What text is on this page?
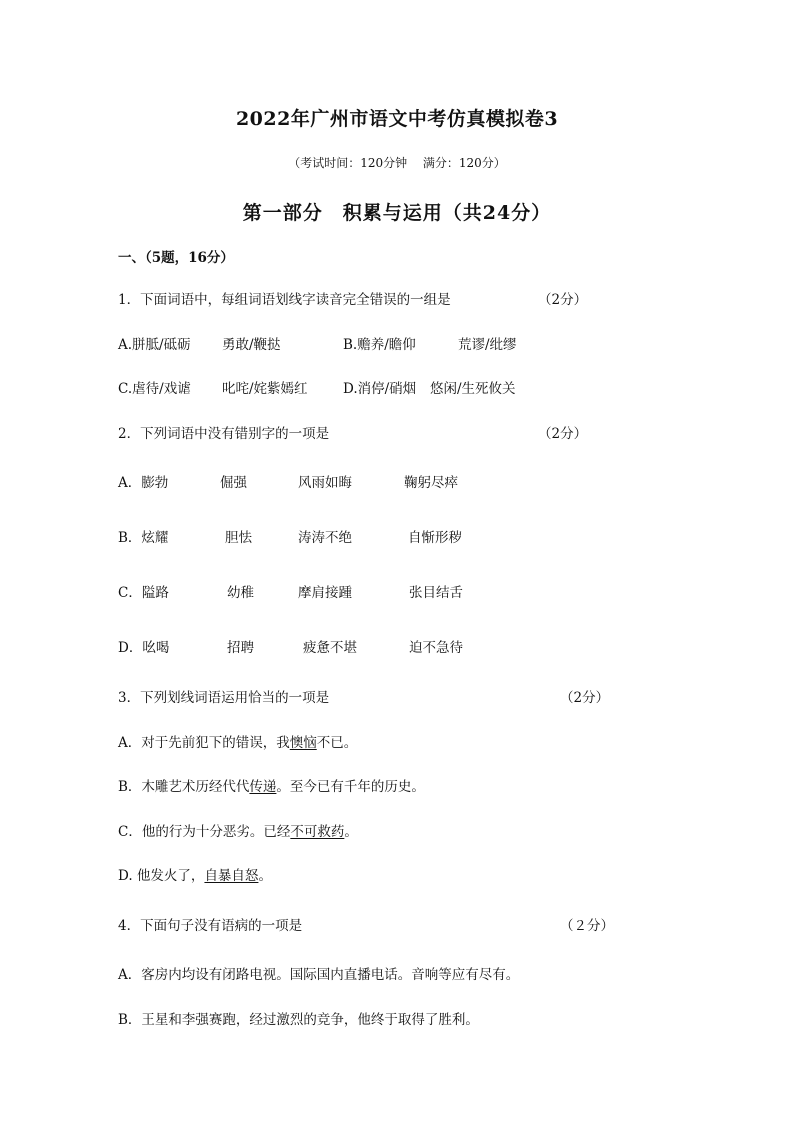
2022年广州市语文中考仿真模拟卷3
（考试时间：120分钟　 满分：120分）
第一部分　积累与运用（共24分）
一、（5题，16分）
1．下面词语中，每组词语划线字读音完全错误的一组是	（2分）
A.胼胝/砥砺 勇敢/鞭挞	B.赡养/瞻仰	荒谬/纰缪
C.虐待/戏谑 叱咤/姹紫嫣红	D.消停/硝烟 悠闲/生死攸关
2．下列词语中没有错别字的一项是	（2分）
A．膨勃	倔强	风雨如晦	鞠躬尽瘁
B．炫耀	胆怯	涛涛不绝	自惭形秽
C．隘路	幼稚	摩肩接踵	张目结舌
D．吆喝	招聘	疲惫不堪	迫不急待
3．下列划线词语运用恰当的一项是	（2分）
A．对于先前犯下的错误，我懊恼不已。
B．木雕艺术历经代代传递。至今已有千年的历史。
C．他的行为十分恶劣。已经不可救药。
D. 他发火了，自暴自怒。
4．下面句子没有语病的一项是	（２分）
A．客房内均设有闭路电视。国际国内直播电话。音响等应有尽有。
B．王星和李强赛跑，经过激烈的竞争，他终于取得了胜利。
